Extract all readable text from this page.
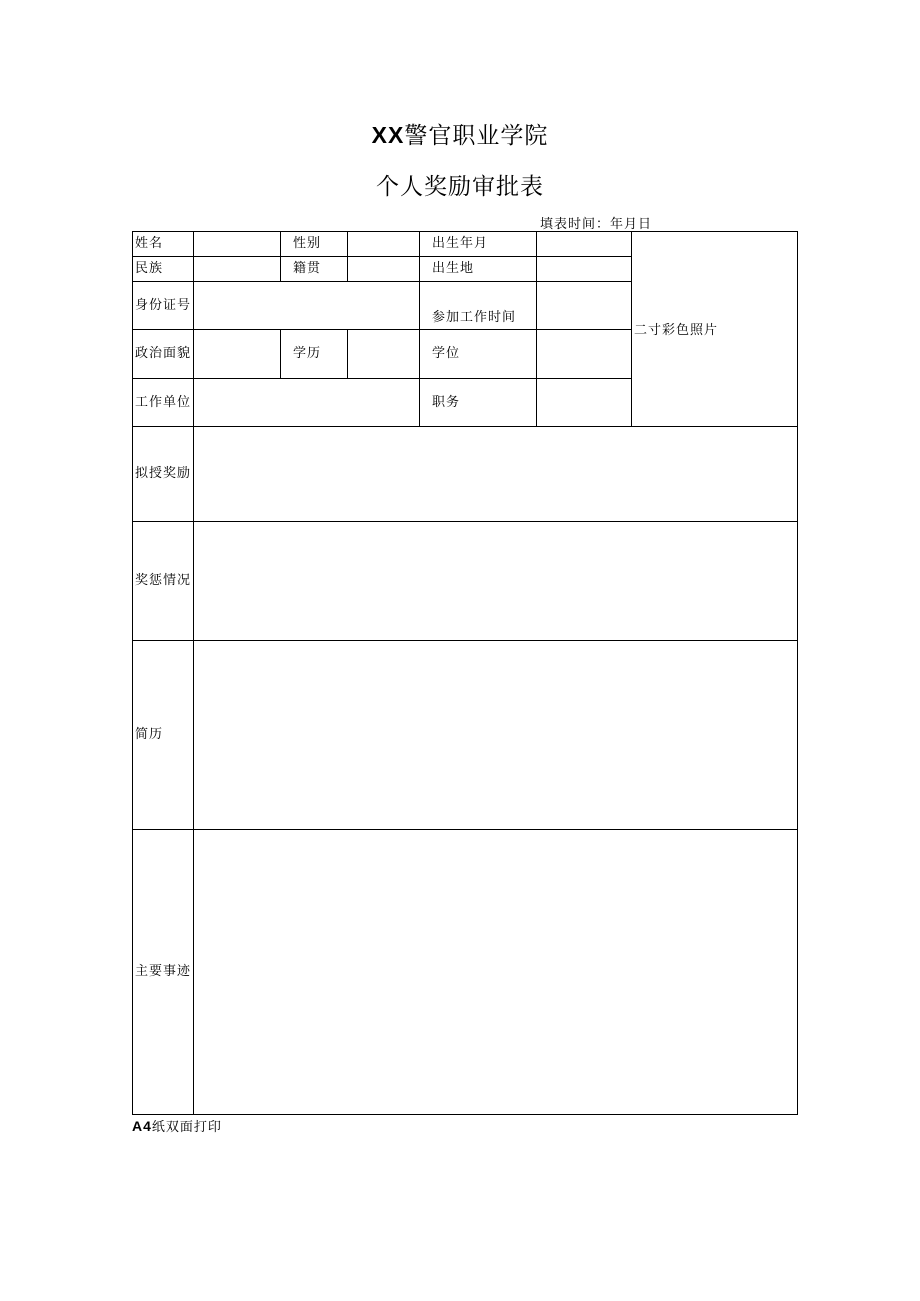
XX警官职业学院
个人奖励审批表
填表时间：年月日
姓名		性别		出生年月		二寸彩色照片

民族		籍贯		出生地	
身份证号				参加工作时间	
政治面貌		学历		学位	
工作单位				职务	
拟授奖励	

奖惩情况	

简历	

主要事迹	
A4纸双面打印
